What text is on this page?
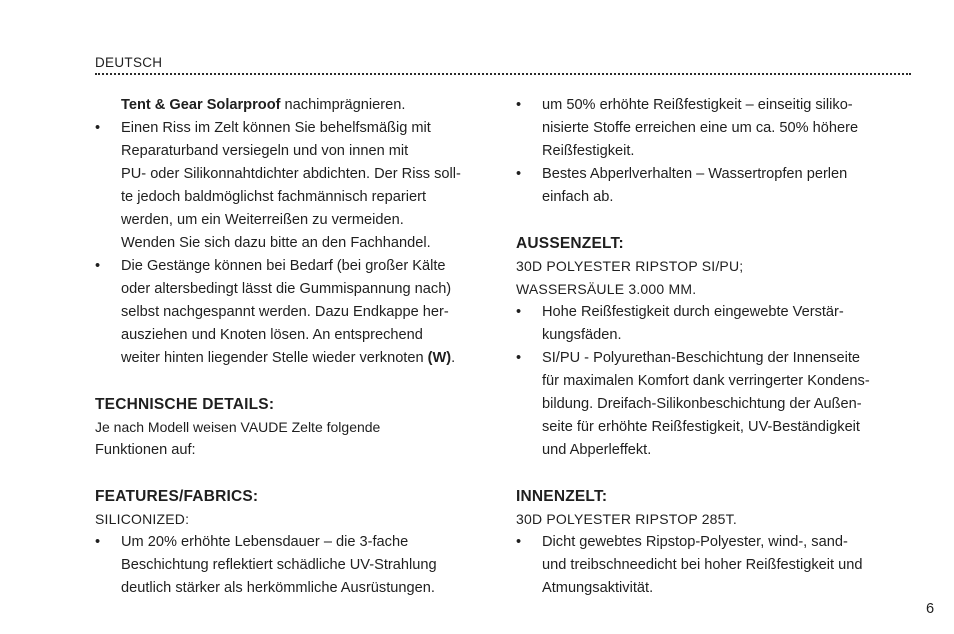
DEUTSCH
Tent & Gear Solarproof nachimprägnieren.
• Einen Riss im Zelt können Sie behelfsmäßig mit
Reparaturband versiegeln und von innen mit
PU- oder Silikonnahtdichter abdichten. Der Riss soll-
te jedoch baldmöglichst fachmännisch repariert
werden, um ein Weiterreißen zu vermeiden.
Wenden Sie sich dazu bitte an den Fachhandel.
• Die Gestänge können bei Bedarf (bei großer Kälte
oder altersbedingt lässt die Gummispannung nach)
selbst nachgespannt werden. Dazu Endkappe her-
ausziehen und Knoten lösen. An entsprechend
weiter hinten liegender Stelle wieder verknoten (W).
TECHNISCHE DETAILS:
Je nach Modell weisen VAUDE Zelte folgende
Funktionen auf:
FEATURES/FABRICS:
SILICONIZED:
• Um 20% erhöhte Lebensdauer – die 3-fache
Beschichtung reflektiert schädliche UV-Strahlung
deutlich stärker als herkömmliche Ausrüstungen.
• um 50% erhöhte Reißfestigkeit – einseitig siliko-
nisierte Stoffe erreichen eine um ca. 50% höhere
Reißfestigkeit.
• Bestes Abperlverhalten – Wassertropfen perlen
einfach ab.
AUSSENZELT:
30D POLYESTER RIPSTOP SI/PU;
WASSERSÄULE 3.000 MM.
• Hohe Reißfestigkeit durch eingewebte Verstär-
kungsfäden.
• SI/PU - Polyurethan-Beschichtung der Innenseite
für maximalen Komfort dank verringerter Kondens-
bildung. Dreifach-Silikonbeschichtung der Außen-
seite für erhöhte Reißfestigkeit, UV-Beständigkeit
und Abperleffekt.
INNENZELT:
30D POLYESTER RIPSTOP 285T.
• Dicht gewebtes Ripstop-Polyester, wind-, sand-
und treibschneedicht bei hoher Reißfestigkeit und
Atmungsaktivität.
6
